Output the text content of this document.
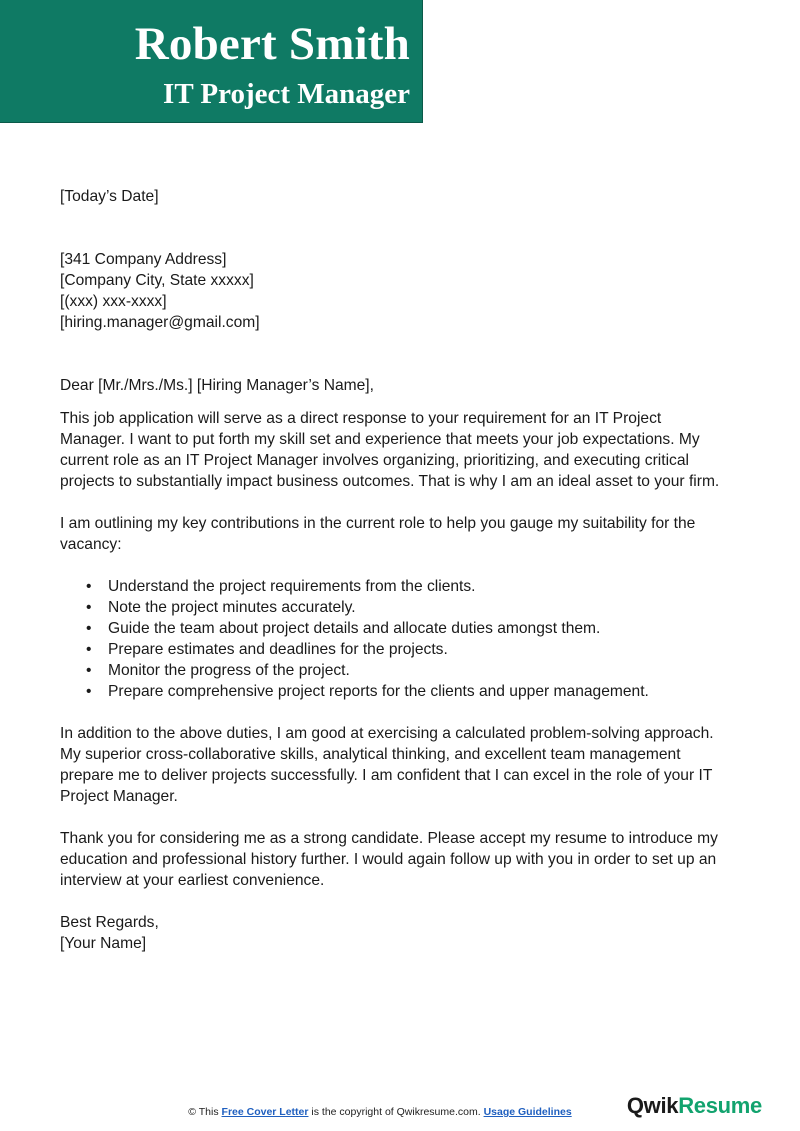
Robert Smith
IT Project Manager

[Today’s Date]

[341 Company Address]

[Company City, State xxxxx]

[(xxx) xxx-xxxx]

[hiring.manager@gmail.com]

Dear [Mr./Mrs./Ms.] [Hiring Manager’s Name],

This job application will serve as a direct response to your requirement for an IT Project

Manager. I want to put forth my skill set and experience that meets your job expectations. My

current role as an IT Project Manager involves organizing, prioritizing, and executing critical

projects to substantially impact business outcomes. That is why I am an ideal asset to your firm.

I am outlining my key contributions in the current role to help you gauge my suitability for the

vacancy:

• Understand the project requirements from the clients.
• Note the project minutes accurately.
• Guide the team about project details and allocate duties amongst them.
• Prepare estimates and deadlines for the projects.
• Monitor the progress of the project.
• Prepare comprehensive project reports for the clients and upper management.

In addition to the above duties, I am good at exercising a calculated problem-solving approach.

My superior cross-collaborative skills, analytical thinking, and excellent team management

prepare me to deliver projects successfully. I am confident that I can excel in the role of your IT

Project Manager.

Thank you for considering me as a strong candidate. Please accept my resume to introduce my

education and professional history further. I would again follow up with you in order to set up an

interview at your earliest convenience.

Best Regards,

[Your Name]

© This Free Cover Letter is the copyright of Qwikresume.com. Usage Guidelines	QwikResume
